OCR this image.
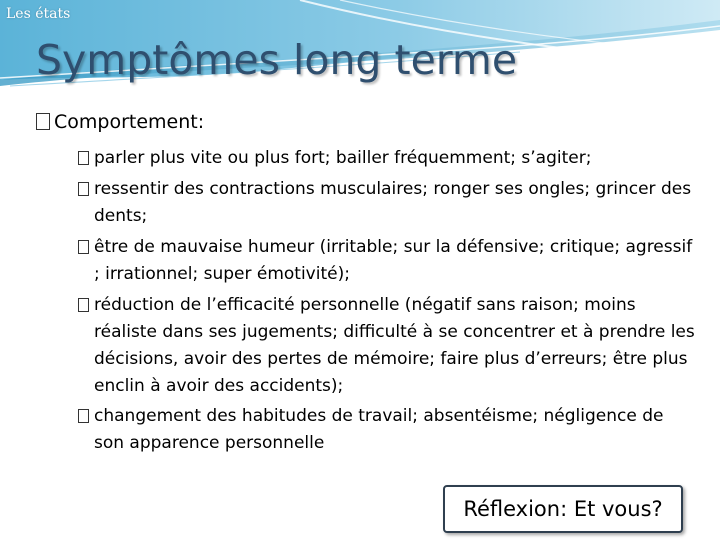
Les états
Symptômes long terme
Comportement:
parler plus vite ou plus fort; bailler fréquemment; s’agiter;
ressentir des contractions musculaires; ronger ses ongles; grincer des dents;
être de mauvaise humeur (irritable; sur la défensive; critique; agressif ; irrationnel; super émotivité);
réduction de l’efficacité personnelle (négatif sans raison; moins réaliste dans ses jugements; difficulté à se concentrer et à prendre les décisions, avoir des pertes de mémoire; faire plus d’erreurs; être plus enclin à avoir des accidents);
changement des habitudes de travail; absentéisme; négligence de son apparence personnelle
Réflexion: Et vous?
